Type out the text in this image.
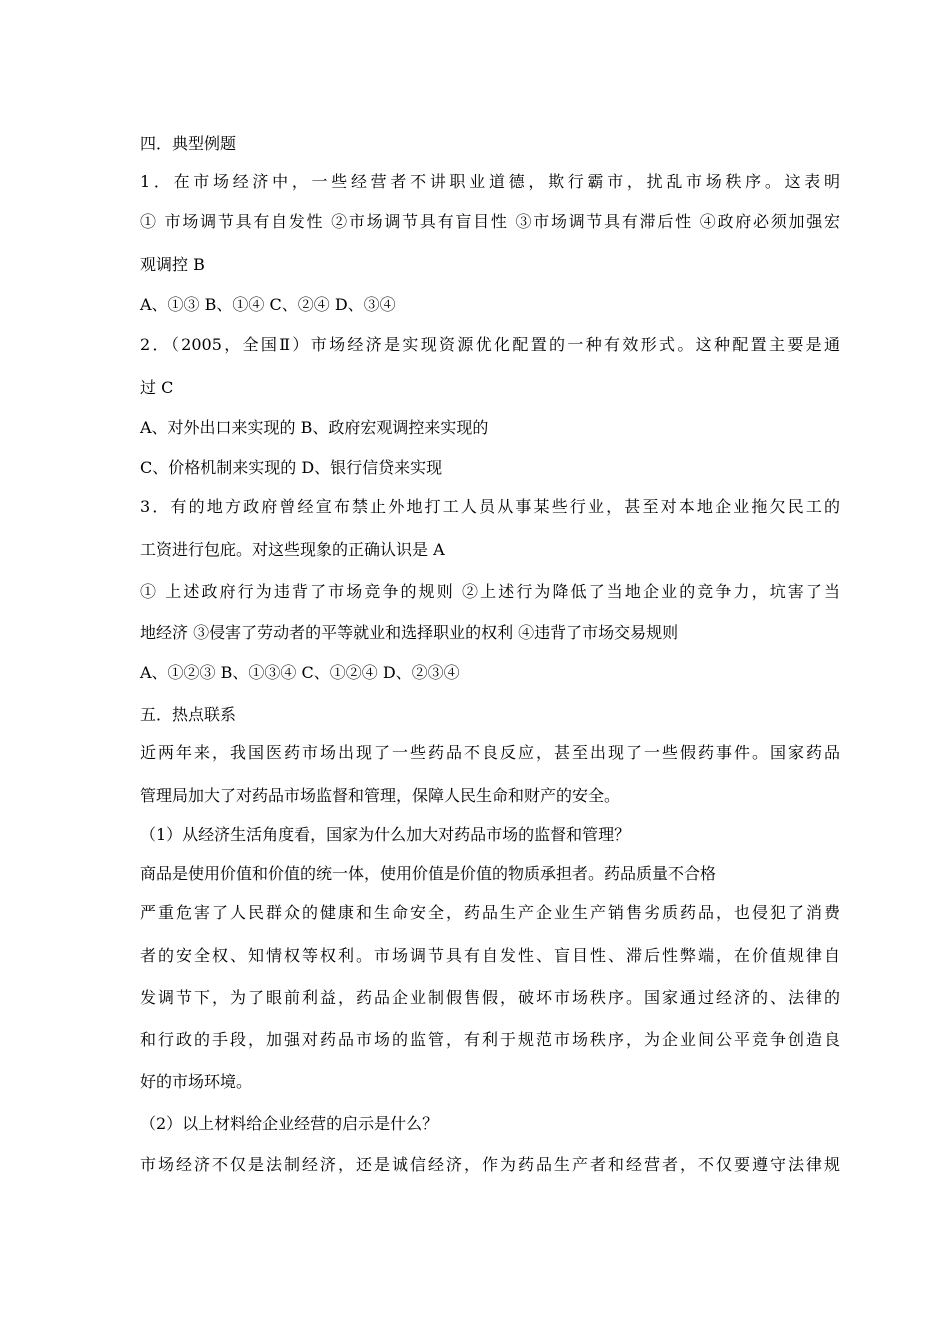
四．典型例题
1．在市场经济中，一些经营者不讲职业道德，欺行霸市，扰乱市场秩序。这表明
① 市场调节具有自发性 ②市场调节具有盲目性 ③市场调节具有滞后性 ④政府必须加强宏
观调控 B
A、①③ B、①④ C、②④ D、③④
2．（2005，全国Ⅱ）市场经济是实现资源优化配置的一种有效形式。这种配置主要是通
过 C
A、对外出口来实现的 B、政府宏观调控来实现的
C、价格机制来实现的 D、银行信贷来实现
3．有的地方政府曾经宣布禁止外地打工人员从事某些行业，甚至对本地企业拖欠民工的
工资进行包庇。对这些现象的正确认识是 A
① 上述政府行为违背了市场竞争的规则 ②上述行为降低了当地企业的竞争力，坑害了当
地经济 ③侵害了劳动者的平等就业和选择职业的权利 ④违背了市场交易规则
A、①②③ B、①③④ C、①②④ D、②③④
五．热点联系
近两年来，我国医药市场出现了一些药品不良反应，甚至出现了一些假药事件。国家药品
管理局加大了对药品市场监督和管理，保障人民生命和财产的安全。
（1）从经济生活角度看，国家为什么加大对药品市场的监督和管理？
商品是使用价值和价值的统一体，使用价值是价值的物质承担者。药品质量不合格
严重危害了人民群众的健康和生命安全，药品生产企业生产销售劣质药品，也侵犯了消费
者的安全权、知情权等权利。市场调节具有自发性、盲目性、滞后性弊端，在价值规律自
发调节下，为了眼前利益，药品企业制假售假，破坏市场秩序。国家通过经济的、法律的
和行政的手段，加强对药品市场的监管，有利于规范市场秩序，为企业间公平竞争创造良
好的市场环境。
（2）以上材料给企业经营的启示是什么？
市场经济不仅是法制经济，还是诚信经济，作为药品生产者和经营者，不仅要遵守法律规
